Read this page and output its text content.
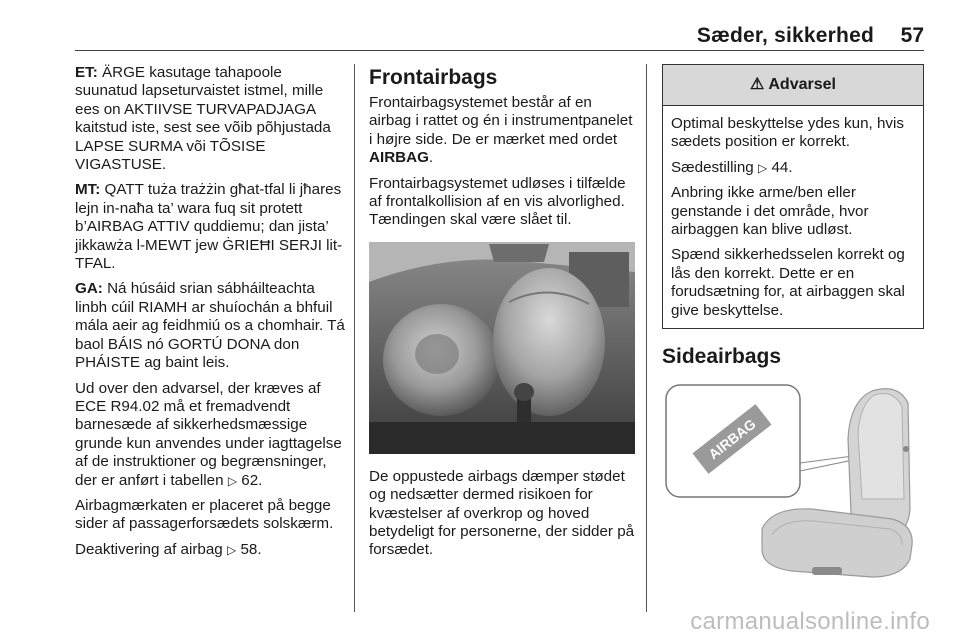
Sæder, sikkerhed 57

ET: ÄRGE kasutage tahapoole suunatud lapseturvaistet istmel, mille ees on AKTIIVSE TURVAPADJAGA kaitstud iste, sest see võib põhjustada LAPSE SURMA või TÕSISE VIGASTUSE.

MT: QATT tuża trażżin għat-tfal li jħares lejn in-naħa ta’ wara fuq sit protett b’AIRBAG ATTIV quddiemu; dan jista’ jikkawża l-MEWT jew ĠRIEĦI SERJI lit-TFAL.

GA: Ná húsáid srian sábháilteachta linbh cúil RIAMH ar shuíochán a bhfuil mála aeir ag feidhmiú os a chomhair. Tá baol BÁIS nó GORTÚ DONA don PHÁISTE ag baint leis.

Ud over den advarsel, der kræves af ECE R94.02 må et fremadvendt barnesæde af sikkerhedsmæssige grunde kun anvendes under iagttagelse af de instruktioner og begrænsninger, der er anført i tabellen ▷ 62.

Airbagmærkaten er placeret på begge sider af passagerforsædets solskærm.

Deaktivering af airbag ▷ 58.

Frontairbags

Frontairbagsystemet består af en airbag i rattet og én i instrumentpanelet i højre side. De er mærket med ordet AIRBAG.

Frontairbagsystemet udløses i tilfælde af frontalkollision af en vis alvorlighed. Tændingen skal være slået til.

De oppustede airbags dæmper stødet og nedsætter dermed risikoen for kvæstelser af overkrop og hoved betydeligt for personerne, der sidder på forsædet.

⚠ Advarsel

Optimal beskyttelse ydes kun, hvis sædets position er korrekt.

Sædestilling ▷ 44.

Anbring ikke arme/ben eller genstande i det område, hvor airbaggen kan blive udløst.

Spænd sikkerhedsselen korrekt og lås den korrekt. Dette er en forudsætning for, at airbaggen skal give beskyttelse.

Sideairbags
AIRBAG
carmanualsonline.info
